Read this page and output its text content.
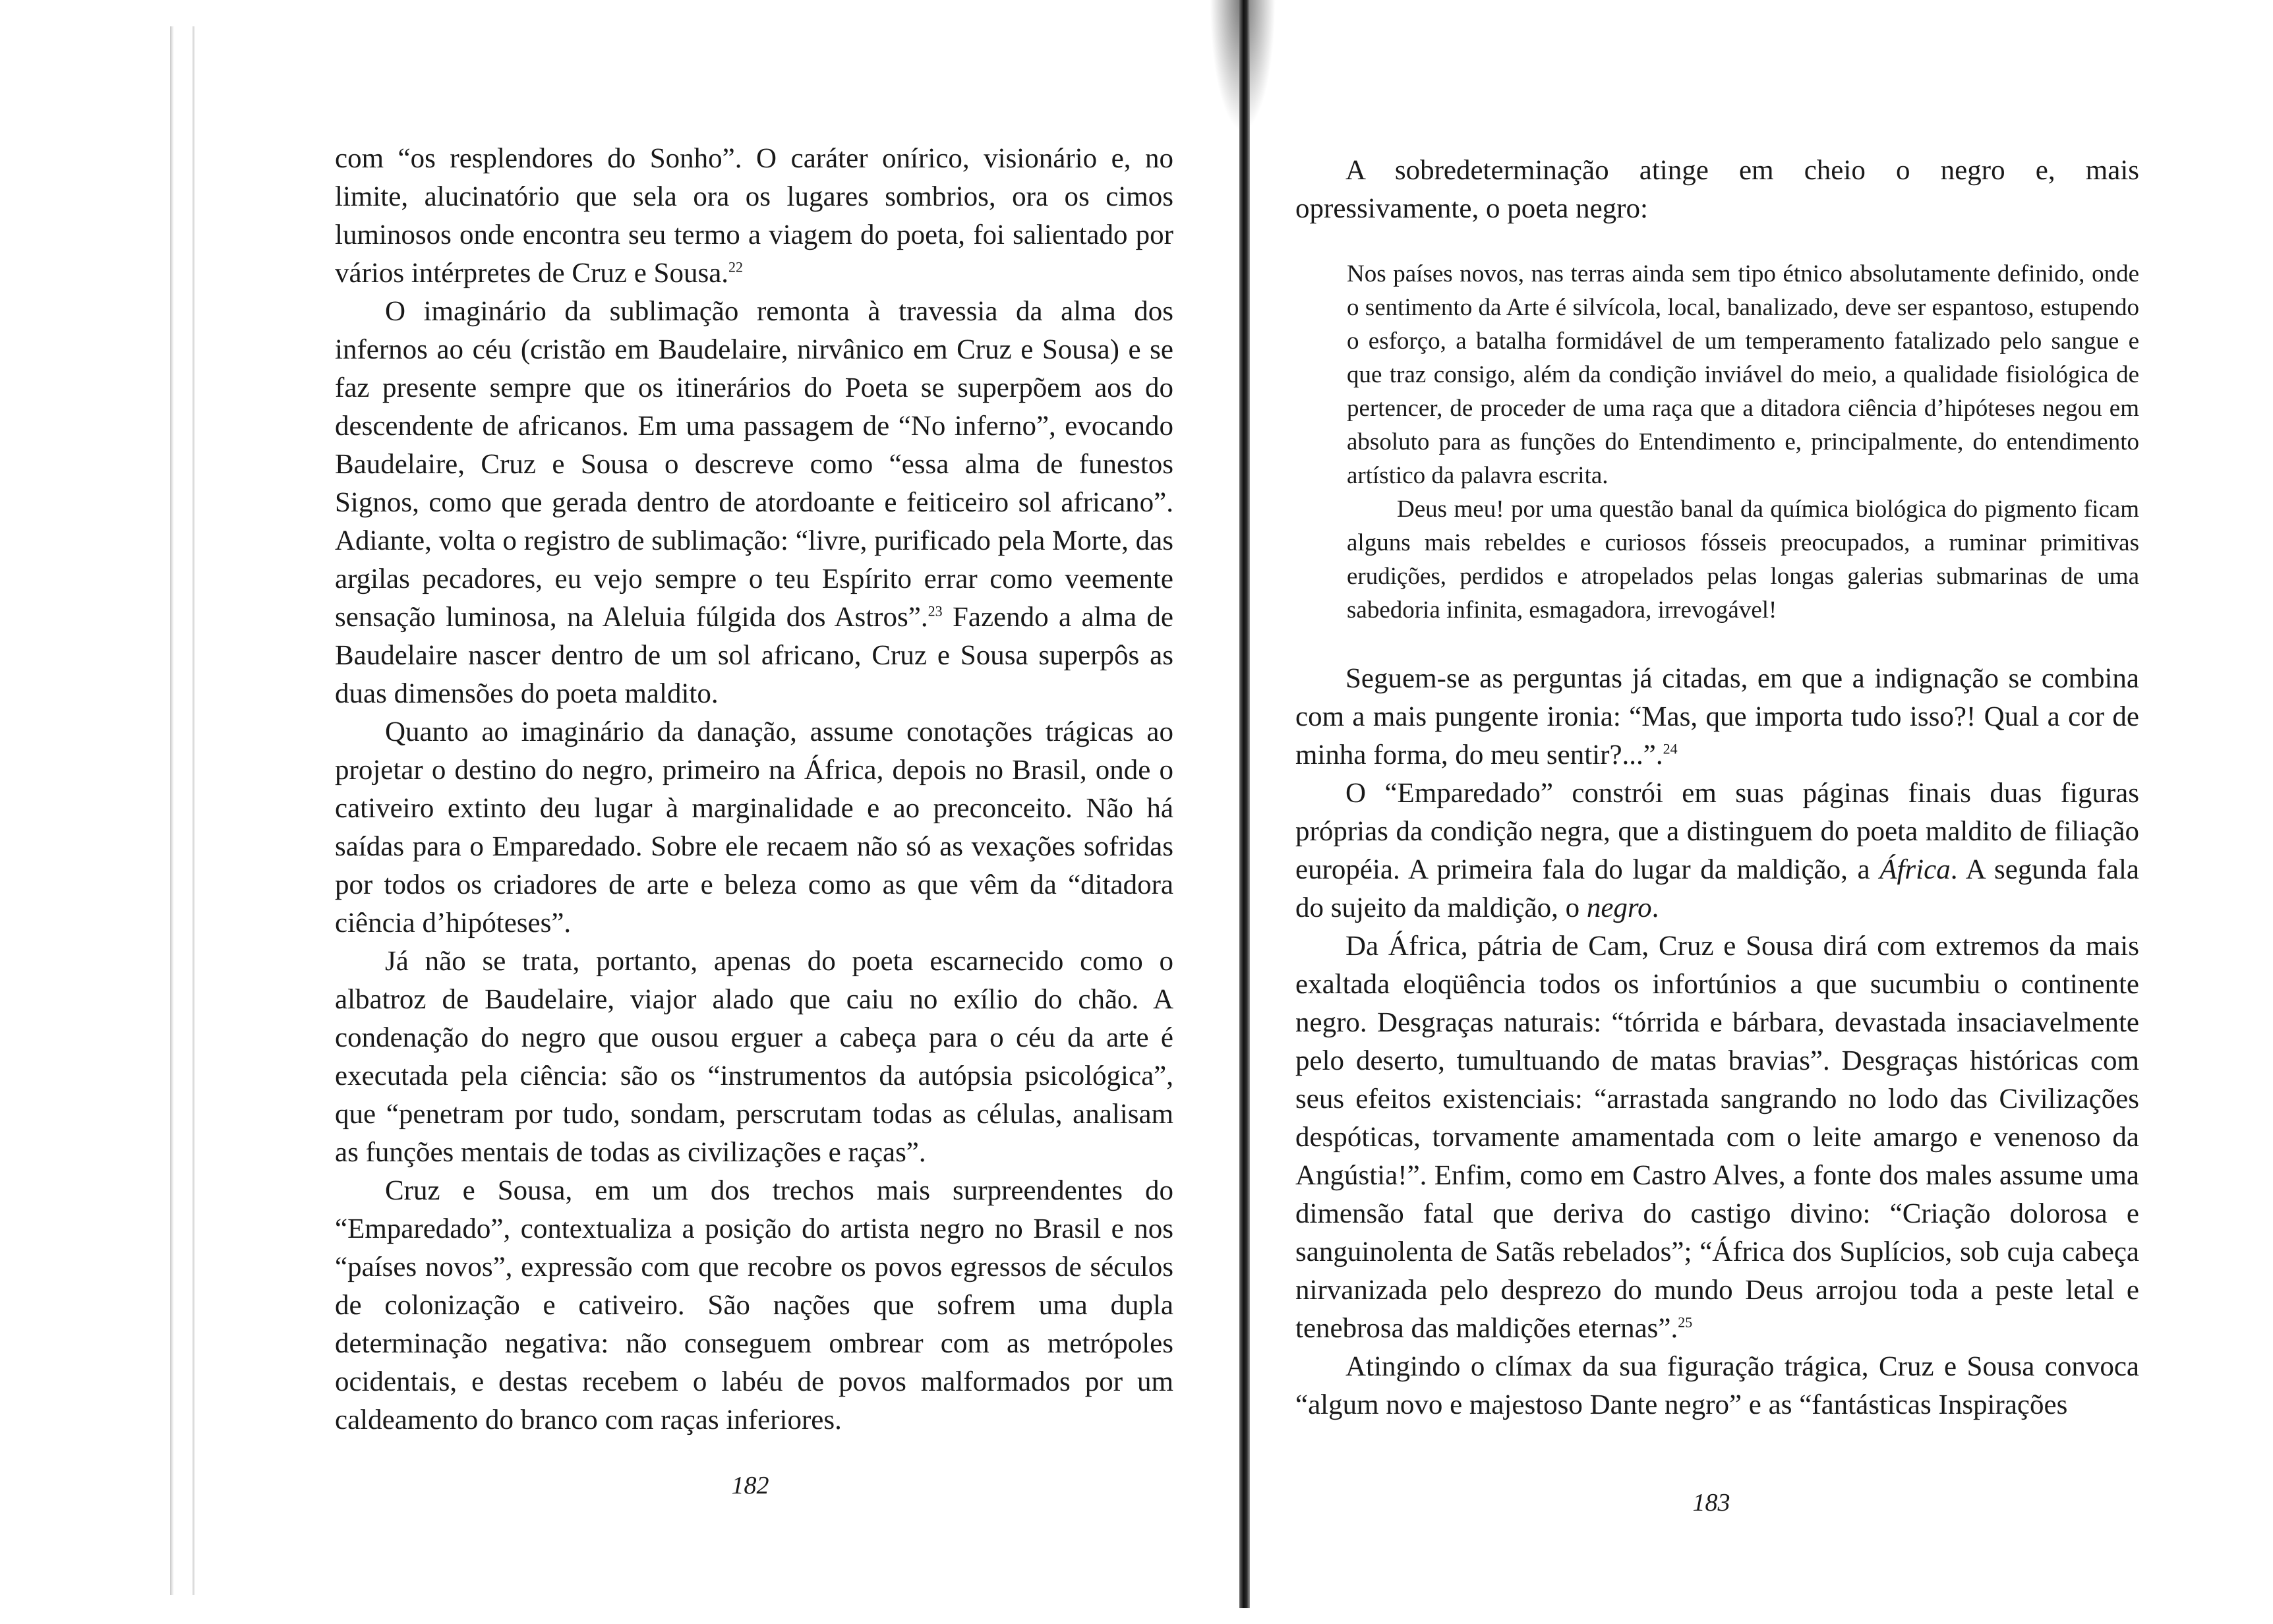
com “os resplendores do Sonho”. O caráter onírico, visionário e, no limite, alucinatório que sela ora os lugares sombrios, ora os cimos luminosos onde encontra seu termo a viagem do poeta, foi salientado por vários intérpretes de Cruz e Sousa.$^{22}$

O imaginário da sublimação remonta à travessia da alma dos infernos ao céu (cristão em Baudelaire, nirvânico em Cruz e Sousa) e se faz presente sempre que os itinerários do Poeta se superpõem aos do descendente de africanos. Em uma passagem de “No inferno”, evocando Baudelaire, Cruz e Sousa o descreve como “essa alma de funestos Signos, como que gerada dentro de atordoante e feiticeiro sol africano”. Adiante, volta o registro de sublimação: “livre, purificado pela Morte, das argilas pecadores, eu vejo sempre o teu Espírito errar como veemente sensação luminosa, na Aleluia fúlgida dos Astros”.$^{23}$ Fazendo a alma de Baudelaire nascer dentro de um sol africano, Cruz e Sousa superpôs as duas dimensões do poeta maldito.

Quanto ao imaginário da danação, assume conotações trágicas ao projetar o destino do negro, primeiro na África, depois no Brasil, onde o cativeiro extinto deu lugar à marginalidade e ao preconceito. Não há saídas para o Emparedado. Sobre ele recaem não só as vexações sofridas por todos os criadores de arte e beleza como as que vêm da “ditadora ciência d’hipóteses”.

Já não se trata, portanto, apenas do poeta escarnecido como o albatroz de Baudelaire, viajor alado que caiu no exílio do chão. A condenação do negro que ousou erguer a cabeça para o céu da arte é executada pela ciência: são os “instrumentos da autópsia psicológica”, que “penetram por tudo, sondam, perscrutam todas as células, analisam as funções mentais de todas as civilizações e raças”.

Cruz e Sousa, em um dos trechos mais surpreendentes do “Emparedado”, contextualiza a posição do artista negro no Brasil e nos “países novos”, expressão com que recobre os povos egressos de séculos de colonização e cativeiro. São nações que sofrem uma dupla determinação negativa: não conseguem ombrear com as metrópoles ocidentais, e destas recebem o labéu de povos malformados por um caldeamento do branco com raças inferiores.

182

A sobredeterminação atinge em cheio o negro e, mais opressivamente, o poeta negro:

Nos países novos, nas terras ainda sem tipo étnico absolutamente definido, onde o sentimento da Arte é silvícola, local, banalizado, deve ser espantoso, estupendo o esforço, a batalha formidável de um temperamento fatalizado pelo sangue e que traz consigo, além da condição inviável do meio, a qualidade fisiológica de pertencer, de proceder de uma raça que a ditadora ciência d’hipóteses negou em absoluto para as funções do Entendimento e, principalmente, do entendimento artístico da palavra escrita.

Deus meu! por uma questão banal da química biológica do pigmento ficam alguns mais rebeldes e curiosos fósseis preocupados, a ruminar primitivas erudições, perdidos e atropelados pelas longas galerias submarinas de uma sabedoria infinita, esmagadora, irrevogável!

Seguem-se as perguntas já citadas, em que a indignação se combina com a mais pungente ironia: “Mas, que importa tudo isso?! Qual a cor de minha forma, do meu sentir?...”.$^{24}$

O “Emparedado” constrói em suas páginas finais duas figuras próprias da condição negra, que a distinguem do poeta maldito de filiação européia. A primeira fala do lugar da maldição, a África. A segunda fala do sujeito da maldição, o negro.

Da África, pátria de Cam, Cruz e Sousa dirá com extremos da mais exaltada eloqüência todos os infortúnios a que sucumbiu o continente negro. Desgraças naturais: “tórrida e bárbara, devastada insaciavelmente pelo deserto, tumultuando de matas bravias”. Desgraças históricas com seus efeitos existenciais: “arrastada sangrando no lodo das Civilizações despóticas, torvamente amamentada com o leite amargo e venenoso da Angústia!”. Enfim, como em Castro Alves, a fonte dos males assume uma dimensão fatal que deriva do castigo divino: “Criação dolorosa e sanguinolenta de Satãs rebelados”; “África dos Suplícios, sob cuja cabeça nirvanizada pelo desprezo do mundo Deus arrojou toda a peste letal e tenebrosa das maldições eternas”.$^{25}$

Atingindo o clímax da sua figuração trágica, Cruz e Sousa convoca “algum novo e majestoso Dante negro” e as “fantásticas Inspirações

183
